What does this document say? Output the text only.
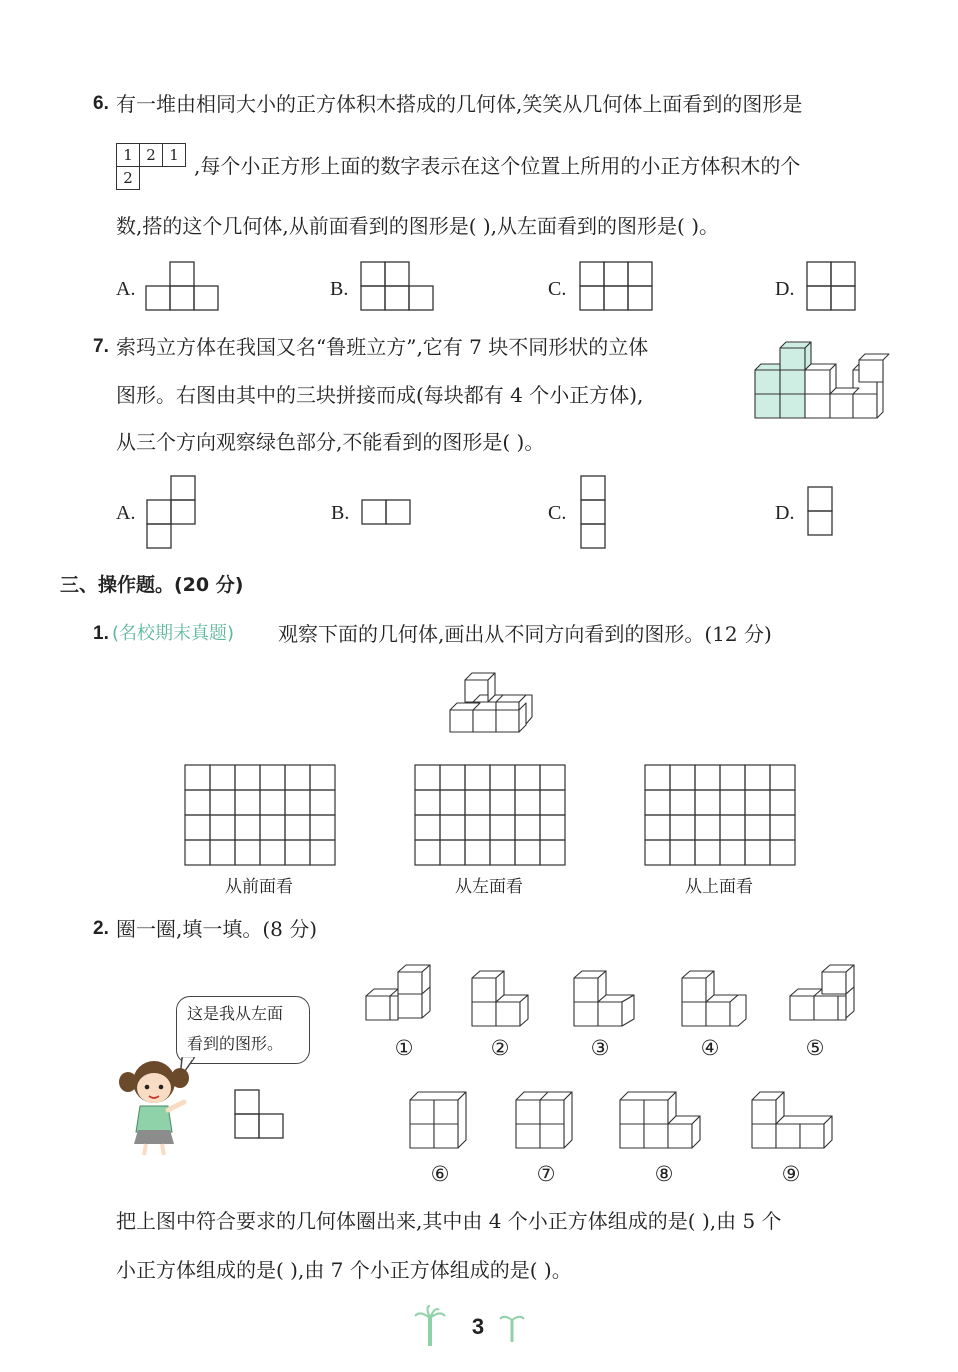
6. 有一堆由相同大小的正方体积木搭成的几何体,笑笑从几何体上面看到的图形是
1 2 1
2	,每个小正方形上面的数字表示在这个位置上所用的小正方体积木的个
数,搭的这个几何体,从前面看到的图形是( ),从左面看到的图形是( )。
A.	B.	C.	D.
7. 索玛立方体在我国又名“鲁班立方”,它有 7 块不同形状的立体
图形。右图由其中的三块拼接而成(每块都有 4 个小正方体),
从三个方向观察绿色部分,不能看到的图形是( )。
A.	B.	C.	D.
三、操作题。(20 分)
1. (名校期末真题) 观察下面的几何体,画出从不同方向看到的图形。(12 分)
从前面看	从左面看	从上面看
2. 圈一圈,填一填。(8 分)
这是我从左面
看到的图形。	①	②	③	④	⑤
⑥	⑦	⑧	⑨
把上图中符合要求的几何体圈出来,其中由 4 个小正方体组成的是( ),由 5 个
小正方体组成的是( ),由 7 个小正方体组成的是( )。
3
